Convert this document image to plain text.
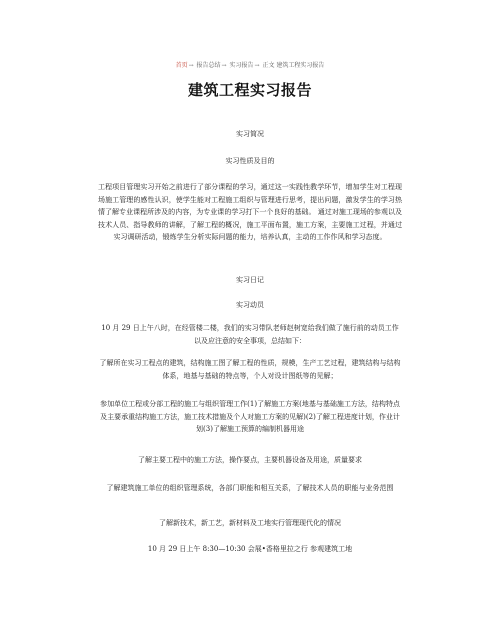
首页→ 报告总结→ 实习报告→ 正文 建筑工程实习报告
建筑工程实习报告
实习简况
实习性质及目的
工程项目管理实习开始之前进行了部分课程的学习，通过这一实践性教学环节，增加学生对工程现场施工管理的感性认识，使学生能对工程施工组织与管理进行思考，提出问题，激发学生的学习热情了解专业课程所涉及的内容，为专业课的学习打下一个良好的基础。 通过对施工现场的参观以及技术人员、指导教师的讲解，了解工程的概况，施工平面布置，施工方案，主要施工过程，并通过实习调研活动，锻炼学生分析实际问题的能力，培养认真，主动的工作作风和学习态度。
实习日记
实习动员
10 月 29 日上午八时，在经管楼二楼，我们的实习带队老师赵树宽给我们做了施行前的动员工作以及应注意的安全事项，总结如下：
了解所在实习工程点的建筑，结构施工图了解工程的性质，规模，生产工艺过程，建筑结构与结构体系，地基与基础的特点等，个人对设计图纸等的见解；
参加单位工程或分部工程的施工与组织管理工作(1)了解施工方案(地基与基础施工方法，结构特点及主要承重结构施工方法，施工技术措施及个人对施工方案的见解)(2)了解工程进度计划，作业计划(3)了解施工预算的编制机器用途
了解主要工程中的施工方法，操作要点，主要机器设备及用途，质量要求
了解建筑施工单位的组织管理系统，各部门职能和相互关系，了解技术人员的职能与业务范围
了解新技术，新工艺，新材料及工地实行管理现代化的情况
10 月 29 日上午 8:30—10:30 会展•香格里拉之行 参观建筑工地
